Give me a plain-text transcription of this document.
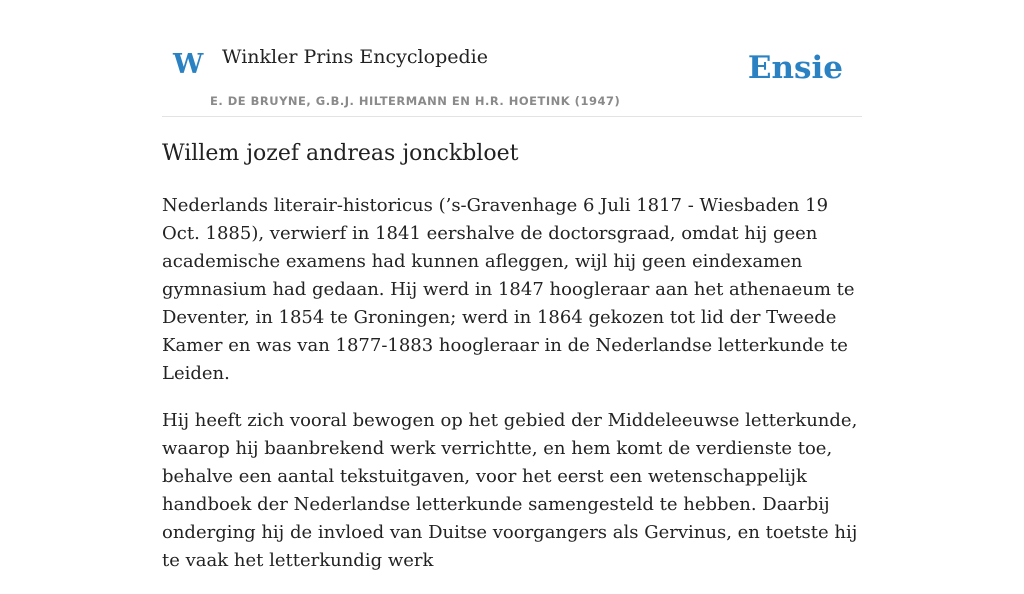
W Winkler Prins Encyclopedie
E. DE BRUYNE, G.B.J. HILTERMANN EN H.R. HOETINK (1947)
Ensie
Willem jozef andreas jonckbloet

Nederlands literair-historicus (’s-Gravenhage 6 Juli 1817 - Wiesbaden 19 Oct. 1885), verwierf in 1841 eershalve de doctorsgraad, omdat hij geen academische examens had kunnen afleggen, wijl hij geen eindexamen gymnasium had gedaan. Hij werd in 1847 hoogleraar aan het athenaeum te Deventer, in 1854 te Groningen; werd in 1864 gekozen tot lid der Tweede Kamer en was van 1877-1883 hoogleraar in de Nederlandse letterkunde te Leiden.

Hij heeft zich vooral bewogen op het gebied der Middeleeuwse letterkunde, waarop hij baanbrekend werk verrichtte, en hem komt de verdienste toe, behalve een aantal tekstuitgaven, voor het eerst een wetenschappelijk handboek der Nederlandse letterkunde samengesteld te hebben. Daarbij onderging hij de invloed van Duitse voorgangers als Gervinus, en toetste hij te vaak het letterkundig werk
